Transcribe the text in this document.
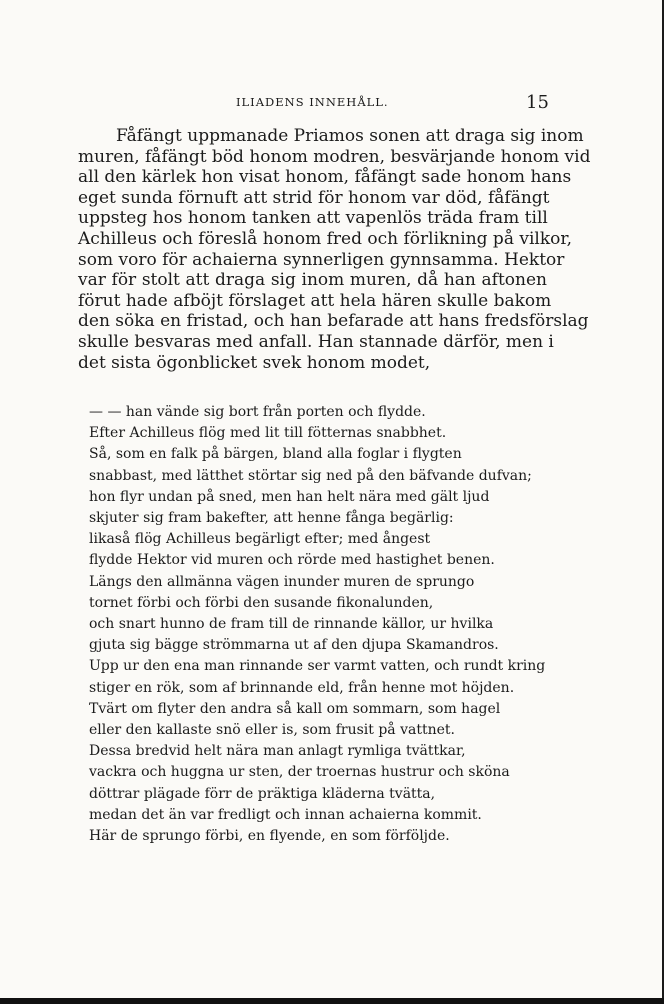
ILIADENS INNEHÅLL.	15
Fåfängt uppmanade Priamos sonen att draga sig inom
muren, fåfängt böd honom modren, besvärjande honom vid
all den kärlek hon visat honom, fåfängt sade honom hans
eget sunda förnuft att strid för honom var död, fåfängt
uppsteg hos honom tanken att vapenlös träda fram till
Achilleus och föreslå honom fred och förlikning på vilkor,
som voro för achaierna synnerligen gynnsamma. Hektor
var för stolt att draga sig inom muren, då han aftonen
förut hade afböjt förslaget att hela hären skulle bakom
den söka en fristad, och han befarade att hans fredsförslag
skulle besvaras med anfall. Han stannade därför, men i
det sista ögonblicket svek honom modet,
— — han vände sig bort från porten och flydde.
Efter Achilleus flög med lit till fötternas snabbhet.
Så, som en falk på bärgen, bland alla foglar i flygten
snabbast, med lätthet störtar sig ned på den bäfvande dufvan;
hon flyr undan på sned, men han helt nära med gält ljud
skjuter sig fram bakefter, att henne fånga begärlig:
likaså flög Achilleus begärligt efter; med ångest
flydde Hektor vid muren och rörde med hastighet benen.
Längs den allmänna vägen inunder muren de sprungo
tornet förbi och förbi den susande fikonalunden,
och snart hunno de fram till de rinnande källor, ur hvilka
gjuta sig bägge strömmarna ut af den djupa Skamandros.
Upp ur den ena man rinnande ser varmt vatten, och rundt kring
stiger en rök, som af brinnande eld, från henne mot höjden.
Tvärt om flyter den andra så kall om sommarn, som hagel
eller den kallaste snö eller is, som frusit på vattnet.
Dessa bredvid helt nära man anlagt rymliga tvättkar,
vackra och huggna ur sten, der troernas hustrur och sköna
döttrar plägade förr de präktiga kläderna tvätta,
medan det än var fredligt och innan achaierna kommit.
Här de sprungo förbi, en flyende, en som förföljde.
